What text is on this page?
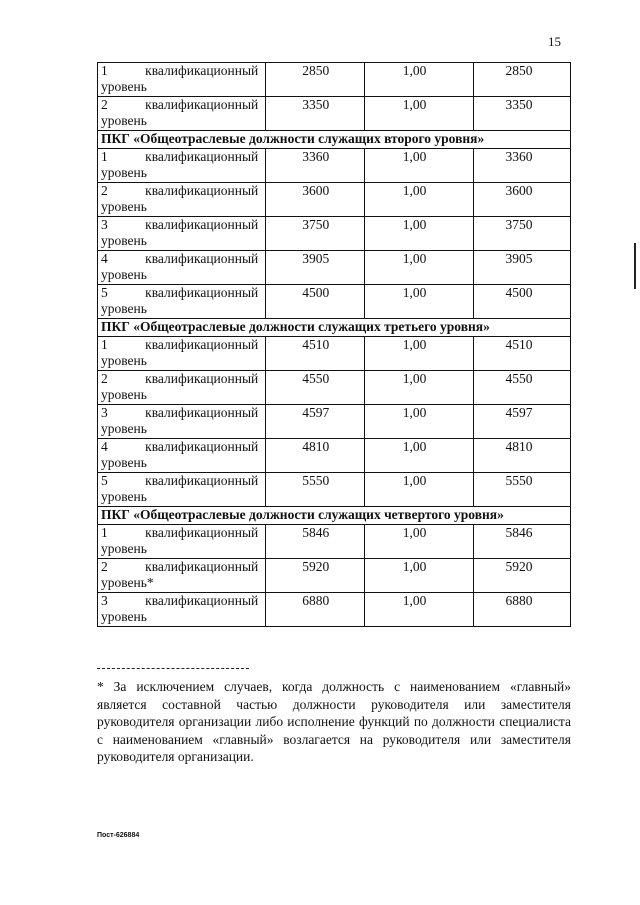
15
1 квалификационный
уровень	2850	1,00	2850

2 квалификационный
уровень	3350	1,00	3350
ПКГ «Общеотраслевые должности служащих второго уровня»			

1 квалификационный
уровень	3360	1,00	3360

2 квалификационный
уровень	3600	1,00	3600

3 квалификационный
уровень	3750	1,00	3750

4 квалификационный
уровень	3905	1,00	3905

5 квалификационный
уровень	4500	1,00	4500
ПКГ «Общеотраслевые должности служащих третьего уровня»			

1 квалификационный
уровень	4510	1,00	4510

2 квалификационный
уровень	4550	1,00	4550

3 квалификационный
уровень	4597	1,00	4597

4 квалификационный
уровень	4810	1,00	4810

5 квалификационный
уровень	5550	1,00	5550
ПКГ «Общеотраслевые должности служащих четвертого уровня»			

1 квалификационный
уровень	5846	1,00	5846

2 квалификационный
уровень*	5920	1,00	5920

3 квалификационный
уровень	6880	1,00	6880

* За исключением случаев, когда должность с наименованием «главный» является составной частью должности руководителя или заместителя руководителя организации либо исполнение функций по должности специалиста с наименованием «главный» возлагается на руководителя или заместителя руководителя организации.

Пост-626884
